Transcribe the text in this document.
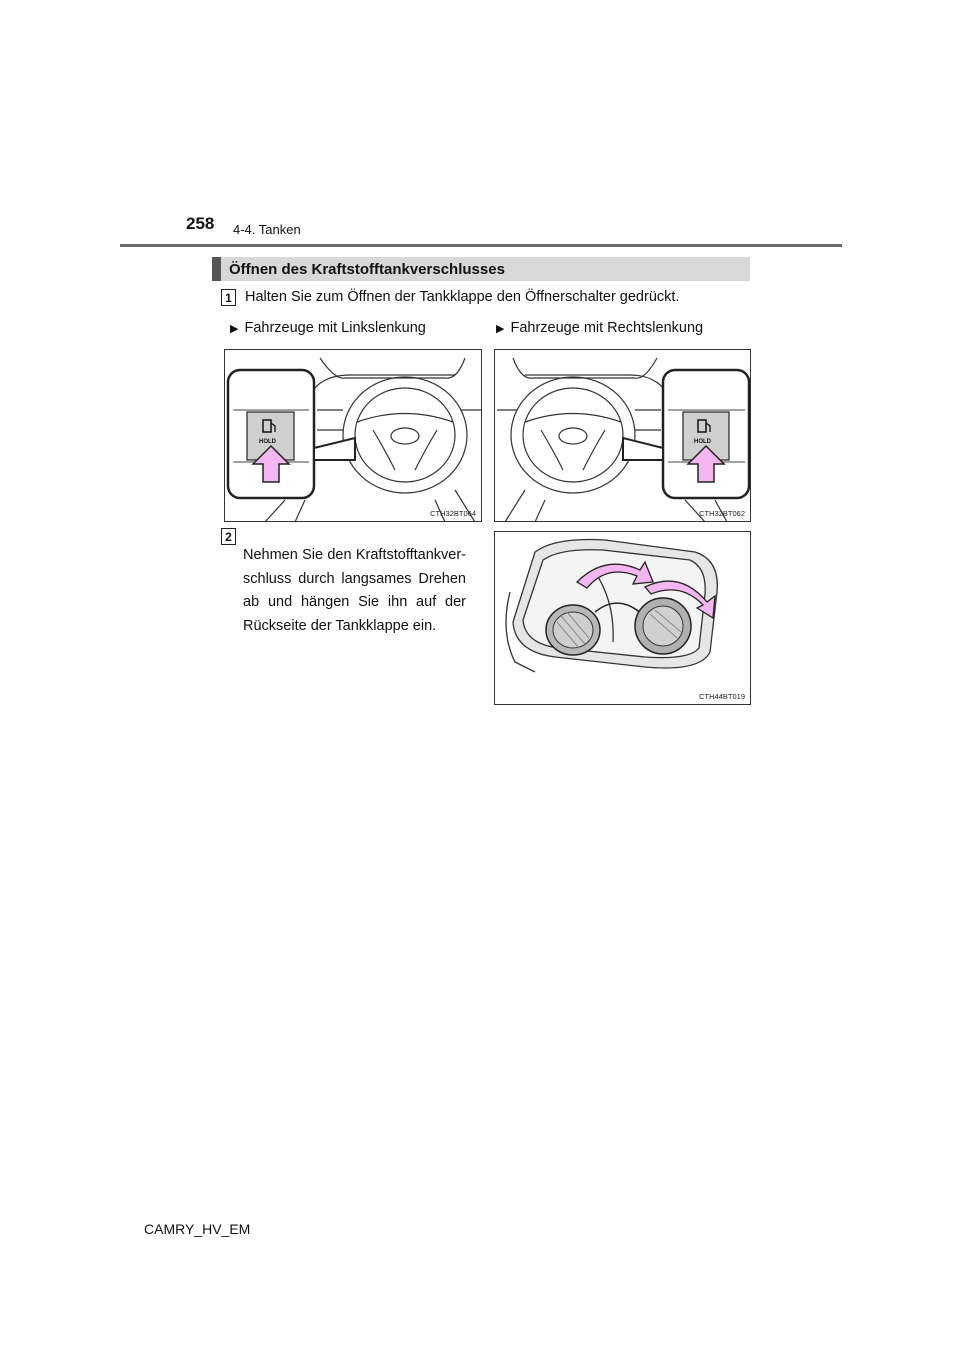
258 4-4. Tanken
Öffnen des Kraftstofftankverschlusses
1 Halten Sie zum Öffnen der Tankklappe den Öffnerschalter gedrückt.
▶ Fahrzeuge mit Linkslenkung	▶ Fahrzeuge mit Rechtslenkung
HOLD
CTH32BT064
HOLD
CTH32BT062
2

Nehmen Sie den Kraftstofftankver-schluss durch langsames Drehen ab und hängen Sie ihn auf der Rückseite der Tankklappe ein.

CTH44BT019
CAMRY_HV_EM
